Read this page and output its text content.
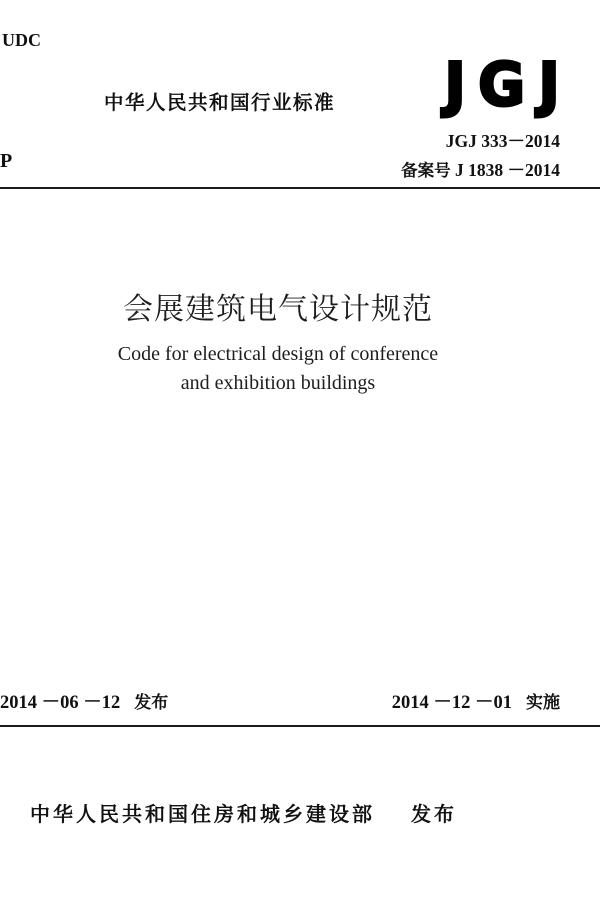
UDC
P
中华人民共和国行业标准 J G J
JGJ 333－2014
备案号 J 1838 －2014
会展建筑电气设计规范
Code for electrical design of conference
and exhibition buildings
2014 －06 －12 发布	2014 －12 －01 实施
中华人民共和国住房和城乡建设部 发布
